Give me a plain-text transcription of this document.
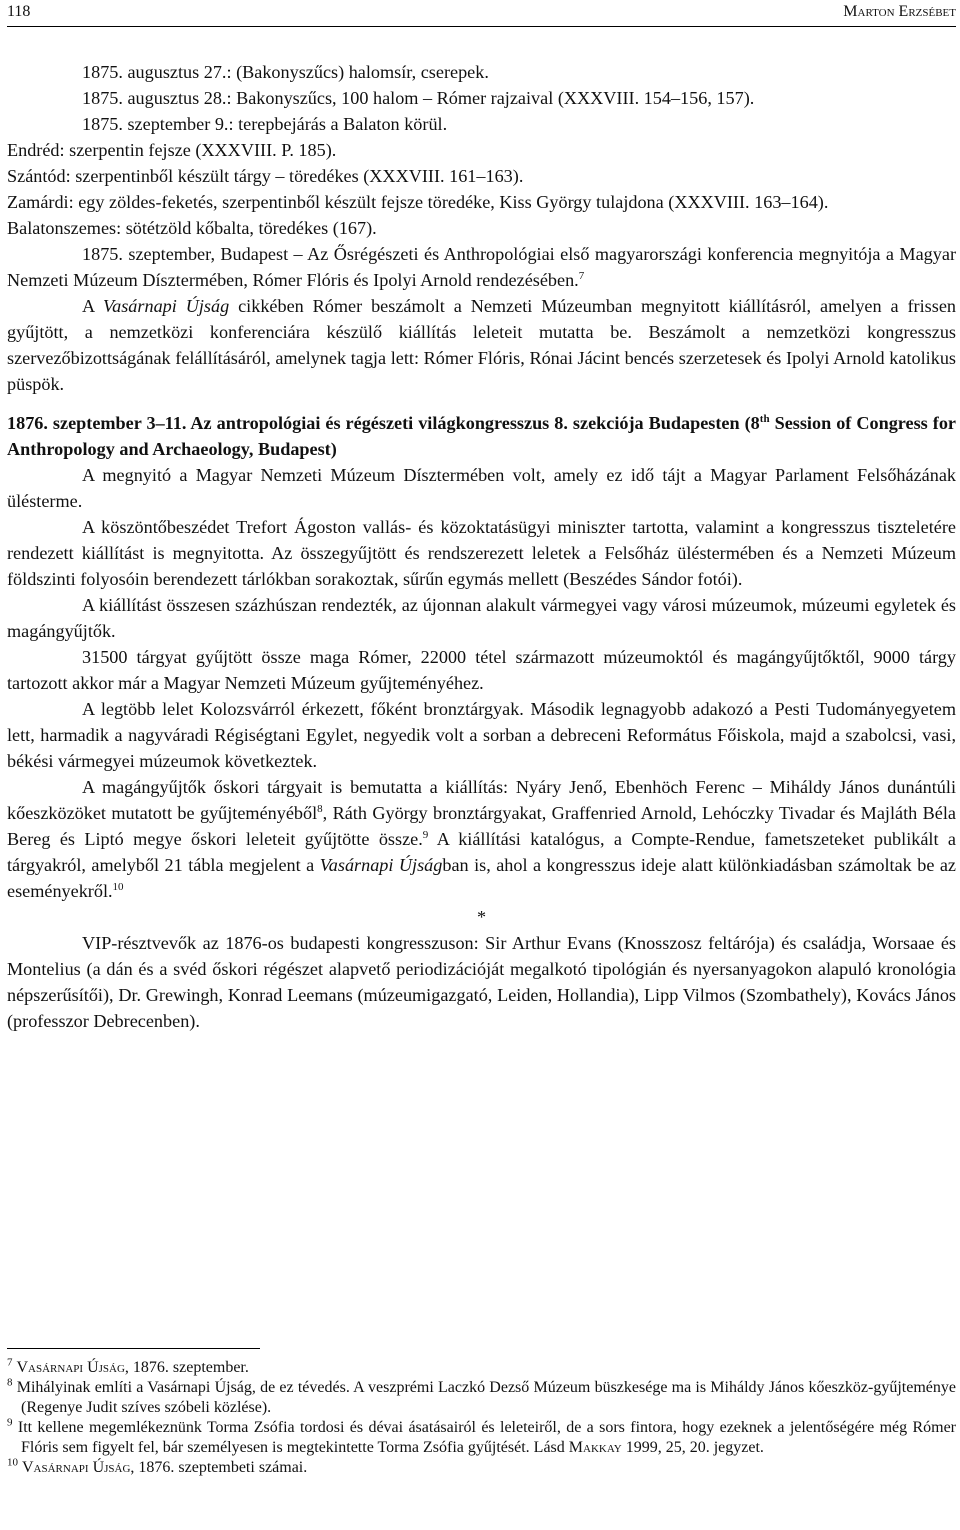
118	Marton Erzsébet

1875. augusztus 27.: (Bakonyszűcs) halomsír, cserepek.

1875. augusztus 28.: Bakonyszűcs, 100 halom – Rómer rajzaival (XXXVIII. 154–156, 157).

1875. szeptember 9.: terepbejárás a Balaton körül.

Endréd: szerpentin fejsze (XXXVIII. P. 185).

Szántód: szerpentinből készült tárgy – töredékes (XXXVIII. 161–163).

Zamárdi: egy zöldes-feketés, szerpentinből készült fejsze töredéke, Kiss György tulajdona (XXXVIII. 163–164).

Balatonszemes: sötétzöld kőbalta, töredékes (167).

1875. szeptember, Budapest – Az Ősrégészeti és Anthropológiai első magyarországi konferencia megnyitója a Magyar Nemzeti Múzeum Dísztermében, Rómer Flóris és Ipolyi Arnold rendezésében.$^7$

A Vasárnapi Újság cikkében Rómer beszámolt a Nemzeti Múzeumban megnyitott kiállításról, amelyen a frissen gyűjtött, a nemzetközi konferenciára készülő kiállítás leleteit mutatta be. Beszámolt a nemzetközi kongresszus szervezőbizottságának felállításáról, amelynek tagja lett: Rómer Flóris, Rónai Jácint bencés szerzetesek és Ipolyi Arnold katolikus püspök.

1876. szeptember 3–11. Az antropológiai és régészeti világkongresszus 8. szekciója Budapesten (8th Session of Congress for Anthropology and Archaeology, Budapest)

A megnyitó a Magyar Nemzeti Múzeum Dísztermében volt, amely ez idő tájt a Magyar Parlament Felsőházának ülésterme.

A köszöntőbeszédet Trefort Ágoston vallás- és közoktatásügyi miniszter tartotta, valamint a kongresszus tiszteletére rendezett kiállítást is megnyitotta. Az összegyűjtött és rendszerezett leletek a Felsőház üléstermében és a Nemzeti Múzeum földszinti folyosóin berendezett tárlókban sorakoztak, sűrűn egymás mellett (Beszédes Sándor fotói).

A kiállítást összesen százhúszan rendezték, az újonnan alakult vármegyei vagy városi múzeumok, múzeumi egyletek és magángyűjtők.

31500 tárgyat gyűjtött össze maga Rómer, 22000 tétel származott múzeumoktól és magángyűjtőktől, 9000 tárgy tartozott akkor már a Magyar Nemzeti Múzeum gyűjteményéhez.

A legtöbb lelet Kolozsvárról érkezett, főként bronztárgyak. Második legnagyobb adakozó a Pesti Tudományegyetem lett, harmadik a nagyváradi Régiségtani Egylet, negyedik volt a sorban a debreceni Református Főiskola, majd a szabolcsi, vasi, békési vármegyei múzeumok következtek.

A magángyűjtők őskori tárgyait is bemutatta a kiállítás: Nyáry Jenő, Ebenhöch Ferenc – Miháldy János dunántúli kőeszközöket mutatott be gyűjteményéből$^8$, Ráth György bronztárgyakat, Graffenried Arnold, Lehóczky Tivadar és Majláth Béla Bereg és Liptó megye őskori leleteit gyűjtötte össze.$^9$ A kiállítási katalógus, a Compte-Rendue, fametszeteket publikált a tárgyakról, amelyből 21 tábla megjelent a Vasárnapi Újságban is, ahol a kongresszus ideje alatt különkiadásban számoltak be az eseményekről.$^{10}$

*

VIP-résztvevők az 1876-os budapesti kongresszuson: Sir Arthur Evans (Knosszosz feltárója) és családja, Worsaae és Montelius (a dán és a svéd őskori régészet alapvető periodizációját megalkotó tipológián és nyersanyagokon alapuló kronológia népszerűsítői), Dr. Grewingh, Konrad Leemans (múzeumigazgató, Leiden, Hollandia), Lipp Vilmos (Szombathely), Kovács János (professzor Debrecenben).

$^7$ Vasárnapi Újság, 1876. szeptember.

$^8$ Mihályinak említi a Vasárnapi Újság, de ez tévedés. A veszprémi Laczkó Dezső Múzeum büszkesége ma is Miháldy János kőeszköz-gyűjteménye (Regenye Judit szíves szóbeli közlése).

$^9$ Itt kellene megemlékeznünk Torma Zsófia tordosi és dévai ásatásairól és leleteiről, de a sors fintora, hogy ezeknek a jelentőségére még Rómer Flóris sem figyelt fel, bár személyesen is megtekintette Torma Zsófia gyűjtését. Lásd Makkay 1999, 25, 20. jegyzet.

$^{10}$ Vasárnapi Újság, 1876. szeptembeti számai.
